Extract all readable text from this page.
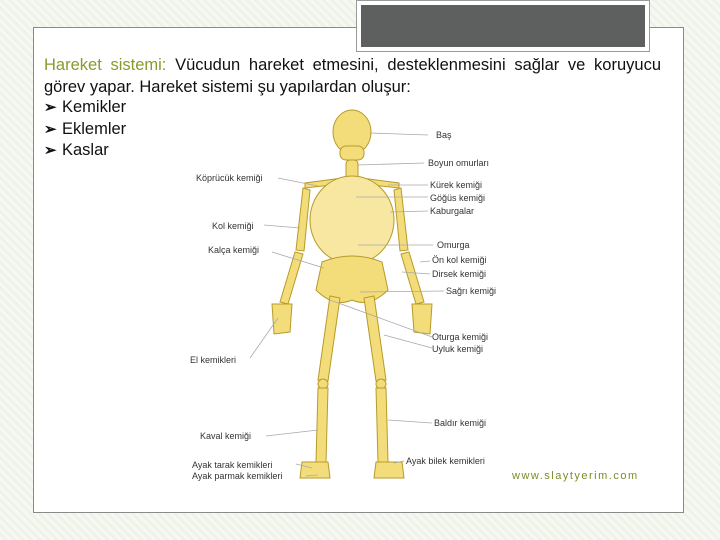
Hareket sistemi: Vücudun hareket etmesini, desteklenmesini sağlar ve koruyucu görev yapar. Hareket sistemi şu yapılardan oluşur:
➢ Kemikler
➢ Eklemler
➢ Kaslar
Baş
Boyun omurları
Köprücük kemiği
Kürek kemiği
Göğüs kemiği
Kaburgalar
Kol kemiği
Omurga
Kalça kemiği
Ön kol kemiği
Dirsek kemiği
Sağrı kemiği
Oturga kemiği
Uyluk kemiği
El kemikleri
Baldır kemiği
Kaval kemiği
Ayak bilek kemikleri
Ayak tarak kemikleri
Ayak parmak kemikleri	www.slaytyerim.com
